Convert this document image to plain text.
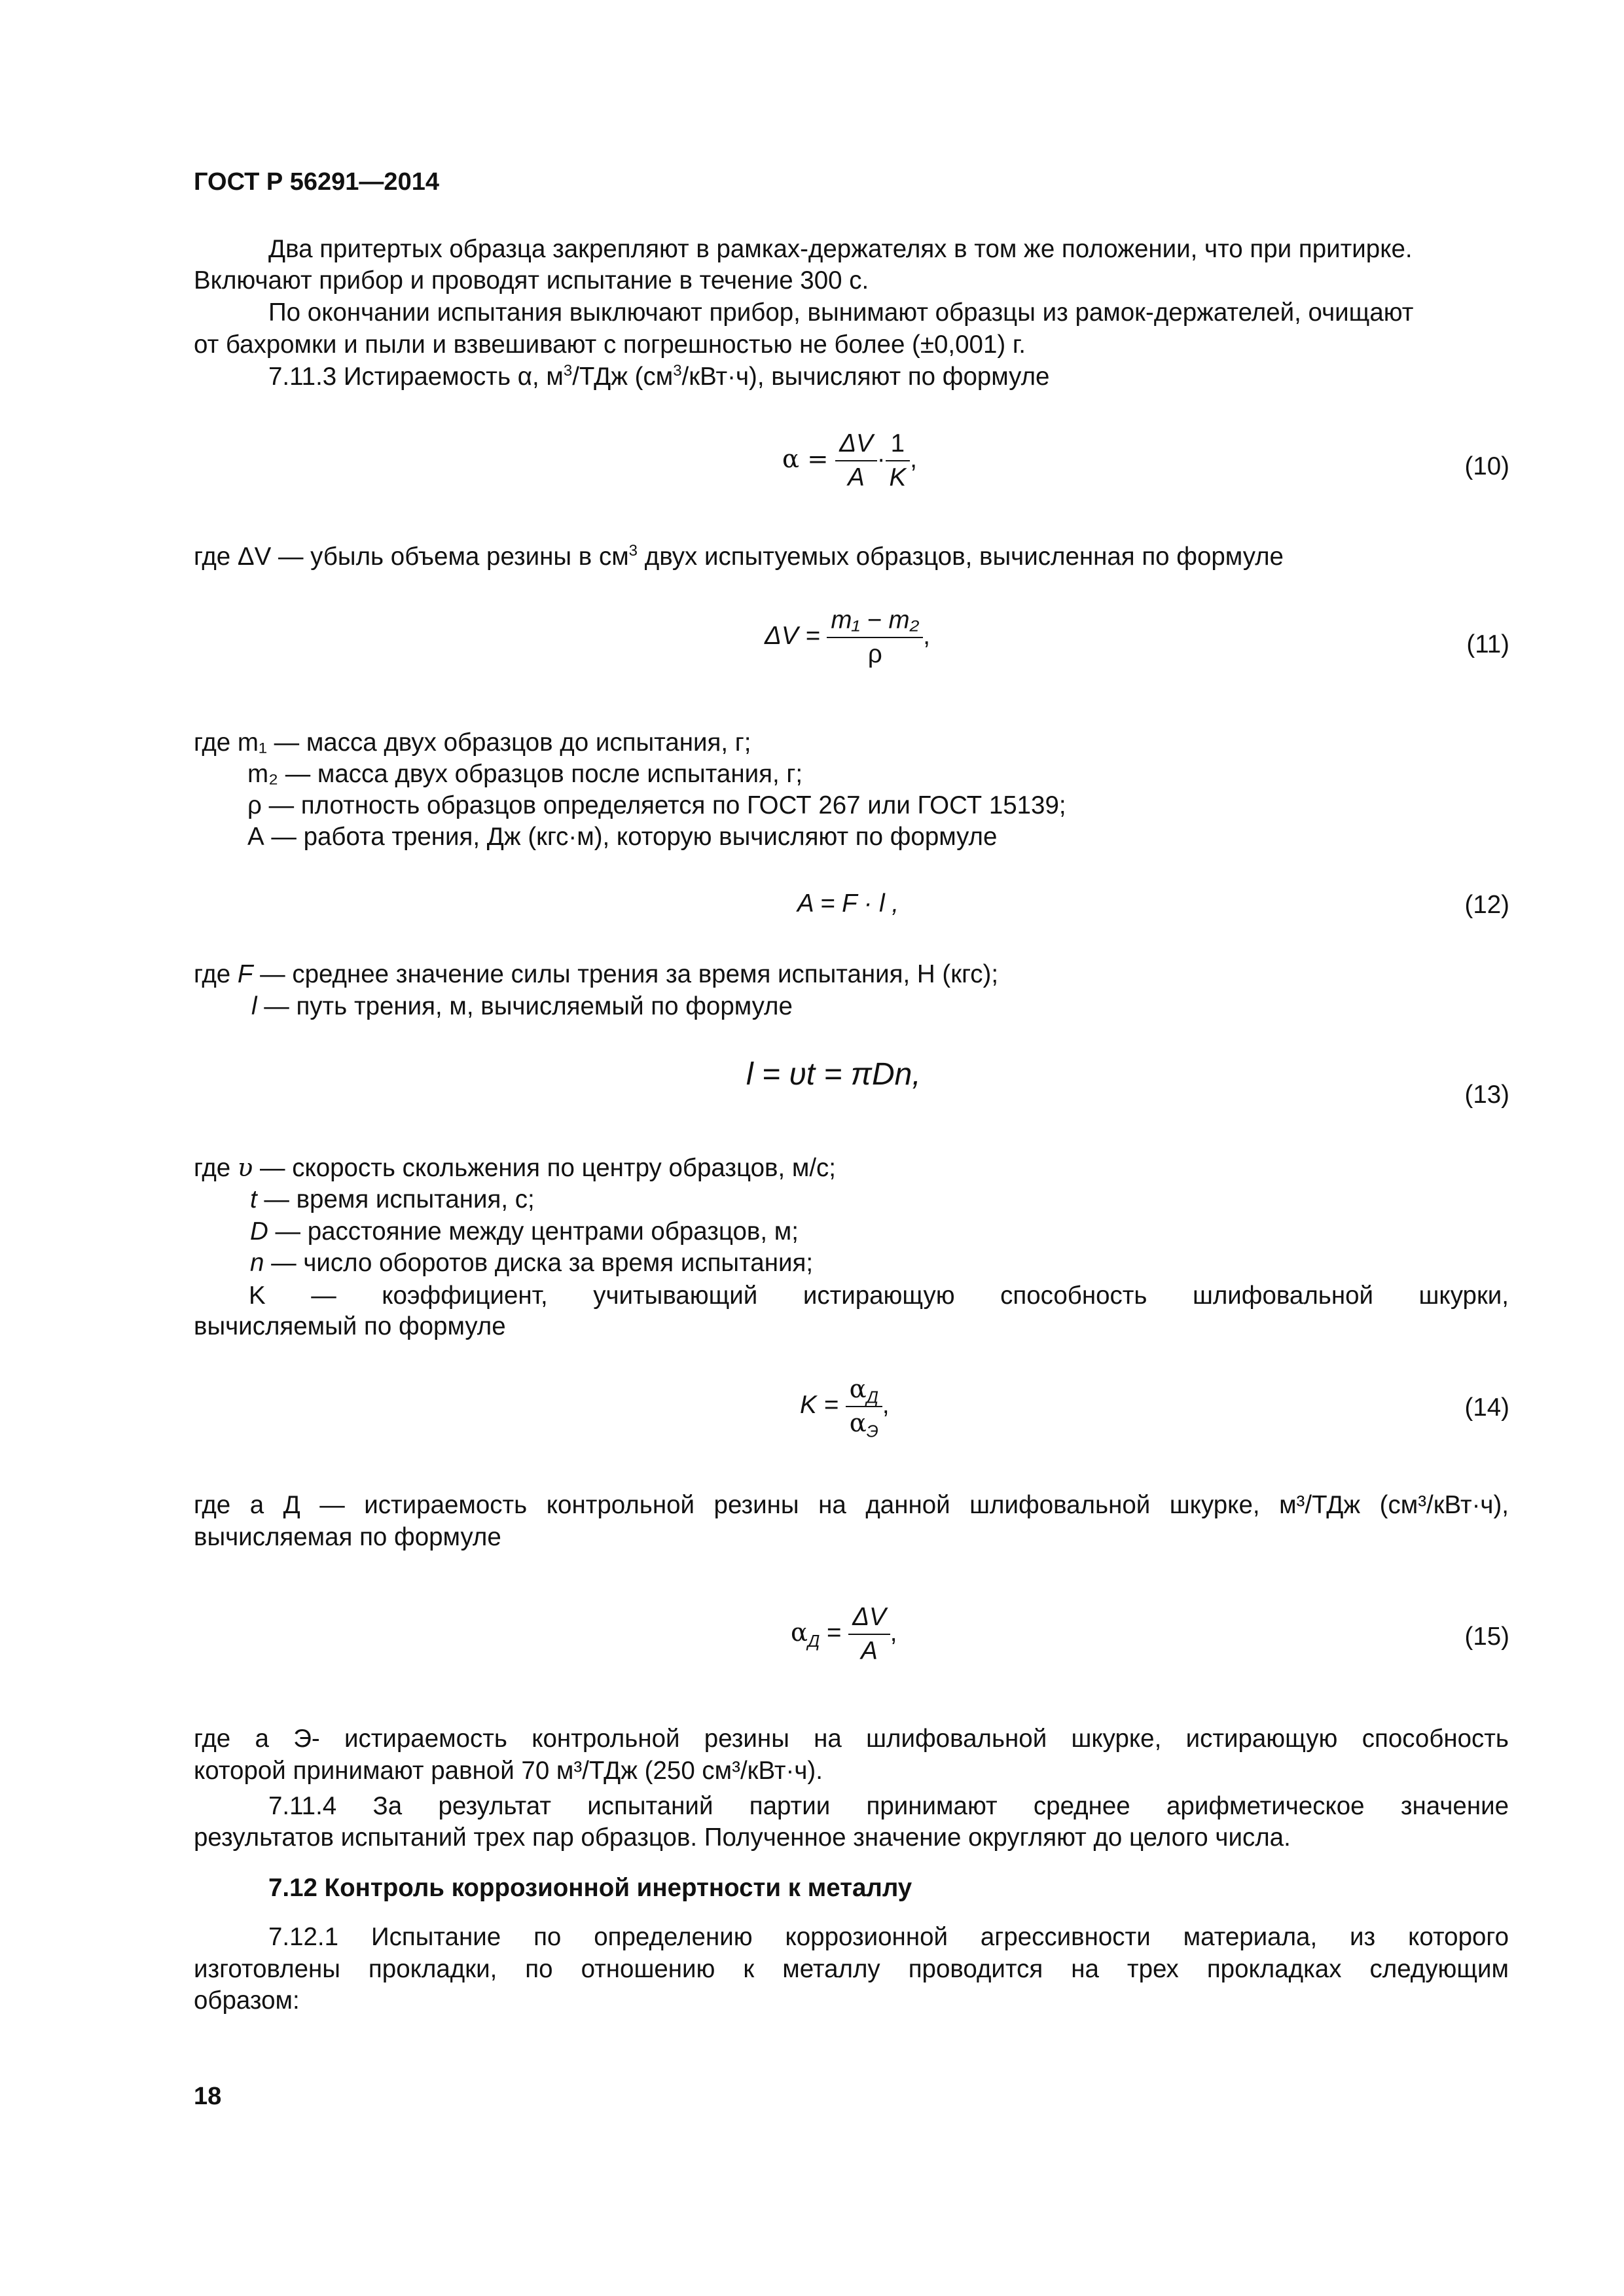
ГОСТ Р 56291—2014
Два притертых образца закрепляют в рамках-держателях в том же положении, что при притирке.
Включают прибор и проводят испытание в течение 300 с.
По окончании испытания выключают прибор, вынимают образцы из рамок-держателей, очищают
от бахромки и пыли и взвешивают с погрешностью не более (±0,001) г.
7.11.3 Истираемость α, $м^3$/ТДж $(см^3/кВт\cdot ч)$, вычисляют по формуле
$\alpha = \frac{\Delta V}{A} \cdot \frac{1}{K}$ ,	(10)
где ΔV — убыль объема резины в $см^3$ двух испытуемых образцов, вычисленная по формуле
$\Delta V = \frac{\text{m₁ − m₂}}{\rho}$ ,	(11)
где m₁ — масса двух образцов до испытания, г;
m₂ — масса двух образцов после испытания, г;
ρ — плотность образцов определяется по ГОСТ 267 или ГОСТ 15139;
А — работа трения, Дж (кгс·м), которую вычисляют по формуле
A = F · l ,	(12)
где F — среднее значение силы трения за время испытания, Н (кгс);
l — путь трения, м, вычисляемый по формуле
l = υt = πDn,
(13)
где υ — скорость скольжения по центру образцов, м/с;
t — время испытания, с;
D — расстояние между центрами образцов, м;
n — число оборотов диска за время испытания;
K — коэффициент, учитывающий истирающую способность шлифовальной шкурки,
вычисляемый по формуле
$K = \frac{\alpha_Д}{\alpha_Э}$ ,	(14)
где a Д — истираемость контрольной резины на данной шлифовальной шкурке, м³/ТДж (см³/кВт·ч),
вычисляемая по формуле
$\alpha_Д = \frac{\Delta V}{A}$ ,	(15)
где a Э- истираемость контрольной резины на шлифовальной шкурке, истирающую способность
которой принимают равной 70 м³/ТДж (250 см³/кВт·ч).
7.11.4 За результат испытаний партии принимают среднее арифметическое значение
результатов испытаний трех пар образцов. Полученное значение округляют до целого числа.
7.12 Контроль коррозионной инертности к металлу
7.12.1 Испытание по определению коррозионной агрессивности материала, из которого
изготовлены прокладки, по отношению к металлу проводится на трех прокладках следующим
образом:
18
